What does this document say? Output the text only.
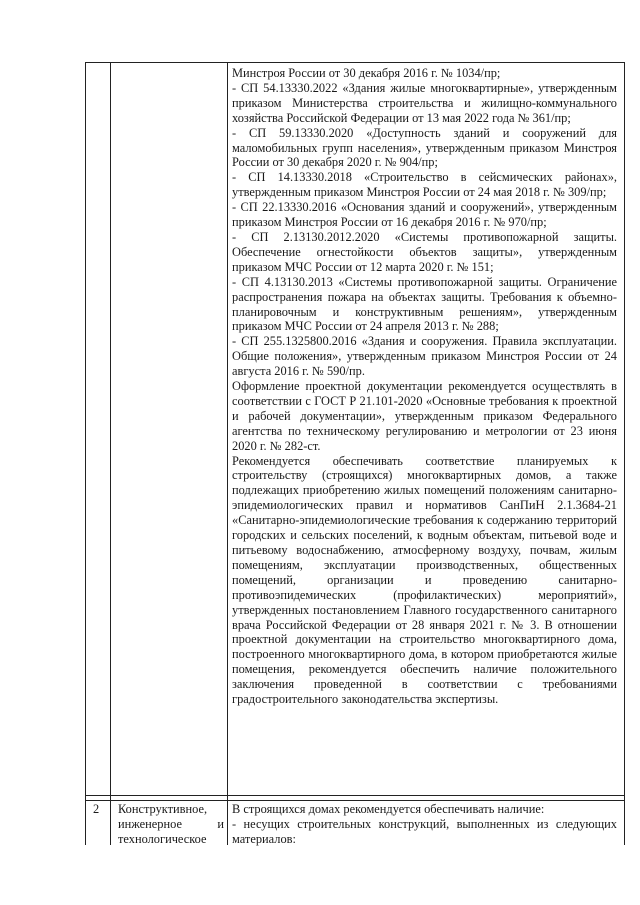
Минстроя России от 30 декабря 2016 г. № 1034/пр;

- СП 54.13330.2022 «Здания жилые многоквартирные», утвержденным приказом Министерства строительства и жилищно-коммунального хозяйства Российской Федерации от 13 мая 2022 года № 361/пр;

- СП 59.13330.2020 «Доступность зданий и сооружений для маломобильных групп населения», утвержденным приказом Минстроя России от 30 декабря 2020 г. № 904/пр;

- СП 14.13330.2018 «Строительство в сейсмических районах», утвержденным приказом Минстроя России от 24 мая 2018 г. № 309/пр;

- СП 22.13330.2016 «Основания зданий и сооружений», утвержденным приказом Минстроя России от 16 декабря 2016 г. № 970/пр;

- СП 2.13130.2012.2020 «Системы противопожарной защиты. Обеспечение огнестойкости объектов защиты», утвержденным приказом МЧС России от 12 марта 2020 г. № 151;

- СП 4.13130.2013 «Системы противопожарной защиты. Ограничение распространения пожара на объектах защиты. Требования к объемно-планировочным и конструктивным решениям», утвержденным приказом МЧС России от 24 апреля 2013 г. № 288;

- СП 255.1325800.2016 «Здания и сооружения. Правила эксплуатации. Общие положения», утвержденным приказом Минстроя России от 24 августа 2016 г. № 590/пр.

Оформление проектной документации рекомендуется осуществлять в соответствии с ГОСТ Р 21.101-2020 «Основные требования к проектной и рабочей документации», утвержденным приказом Федерального агентства по техническому регулированию и метрологии от 23 июня 2020 г. № 282-ст.

Рекомендуется обеспечивать соответствие планируемых к строительству (строящихся) многоквартирных домов, а также подлежащих приобретению жилых помещений положениям санитарно-эпидемиологических правил и нормативов СанПиН 2.1.3684-21 «Санитарно-эпидемиологические требования к содержанию территорий городских и сельских поселений, к водным объектам, питьевой воде и питьевому водоснабжению, атмосферному воздуху, почвам, жилым помещениям, эксплуатации производственных, общественных помещений, организации и проведению санитарно-противоэпидемических (профилактических) мероприятий», утвержденных постановлением Главного государственного санитарного врача Российской Федерации от 28 января 2021 г. № 3. В отношении проектной документации на строительство многоквартирного дома, построенного многоквартирного дома, в котором приобретаются жилые помещения, рекомендуется обеспечить наличие положительного заключения проведенной в соответствии с требованиями градостроительного законодательства экспертизы.

2 Конструктивное,
инженерное и
технологическое

В строящихся домах рекомендуется обеспечивать наличие:

- несущих строительных конструкций, выполненных из следующих материалов:
